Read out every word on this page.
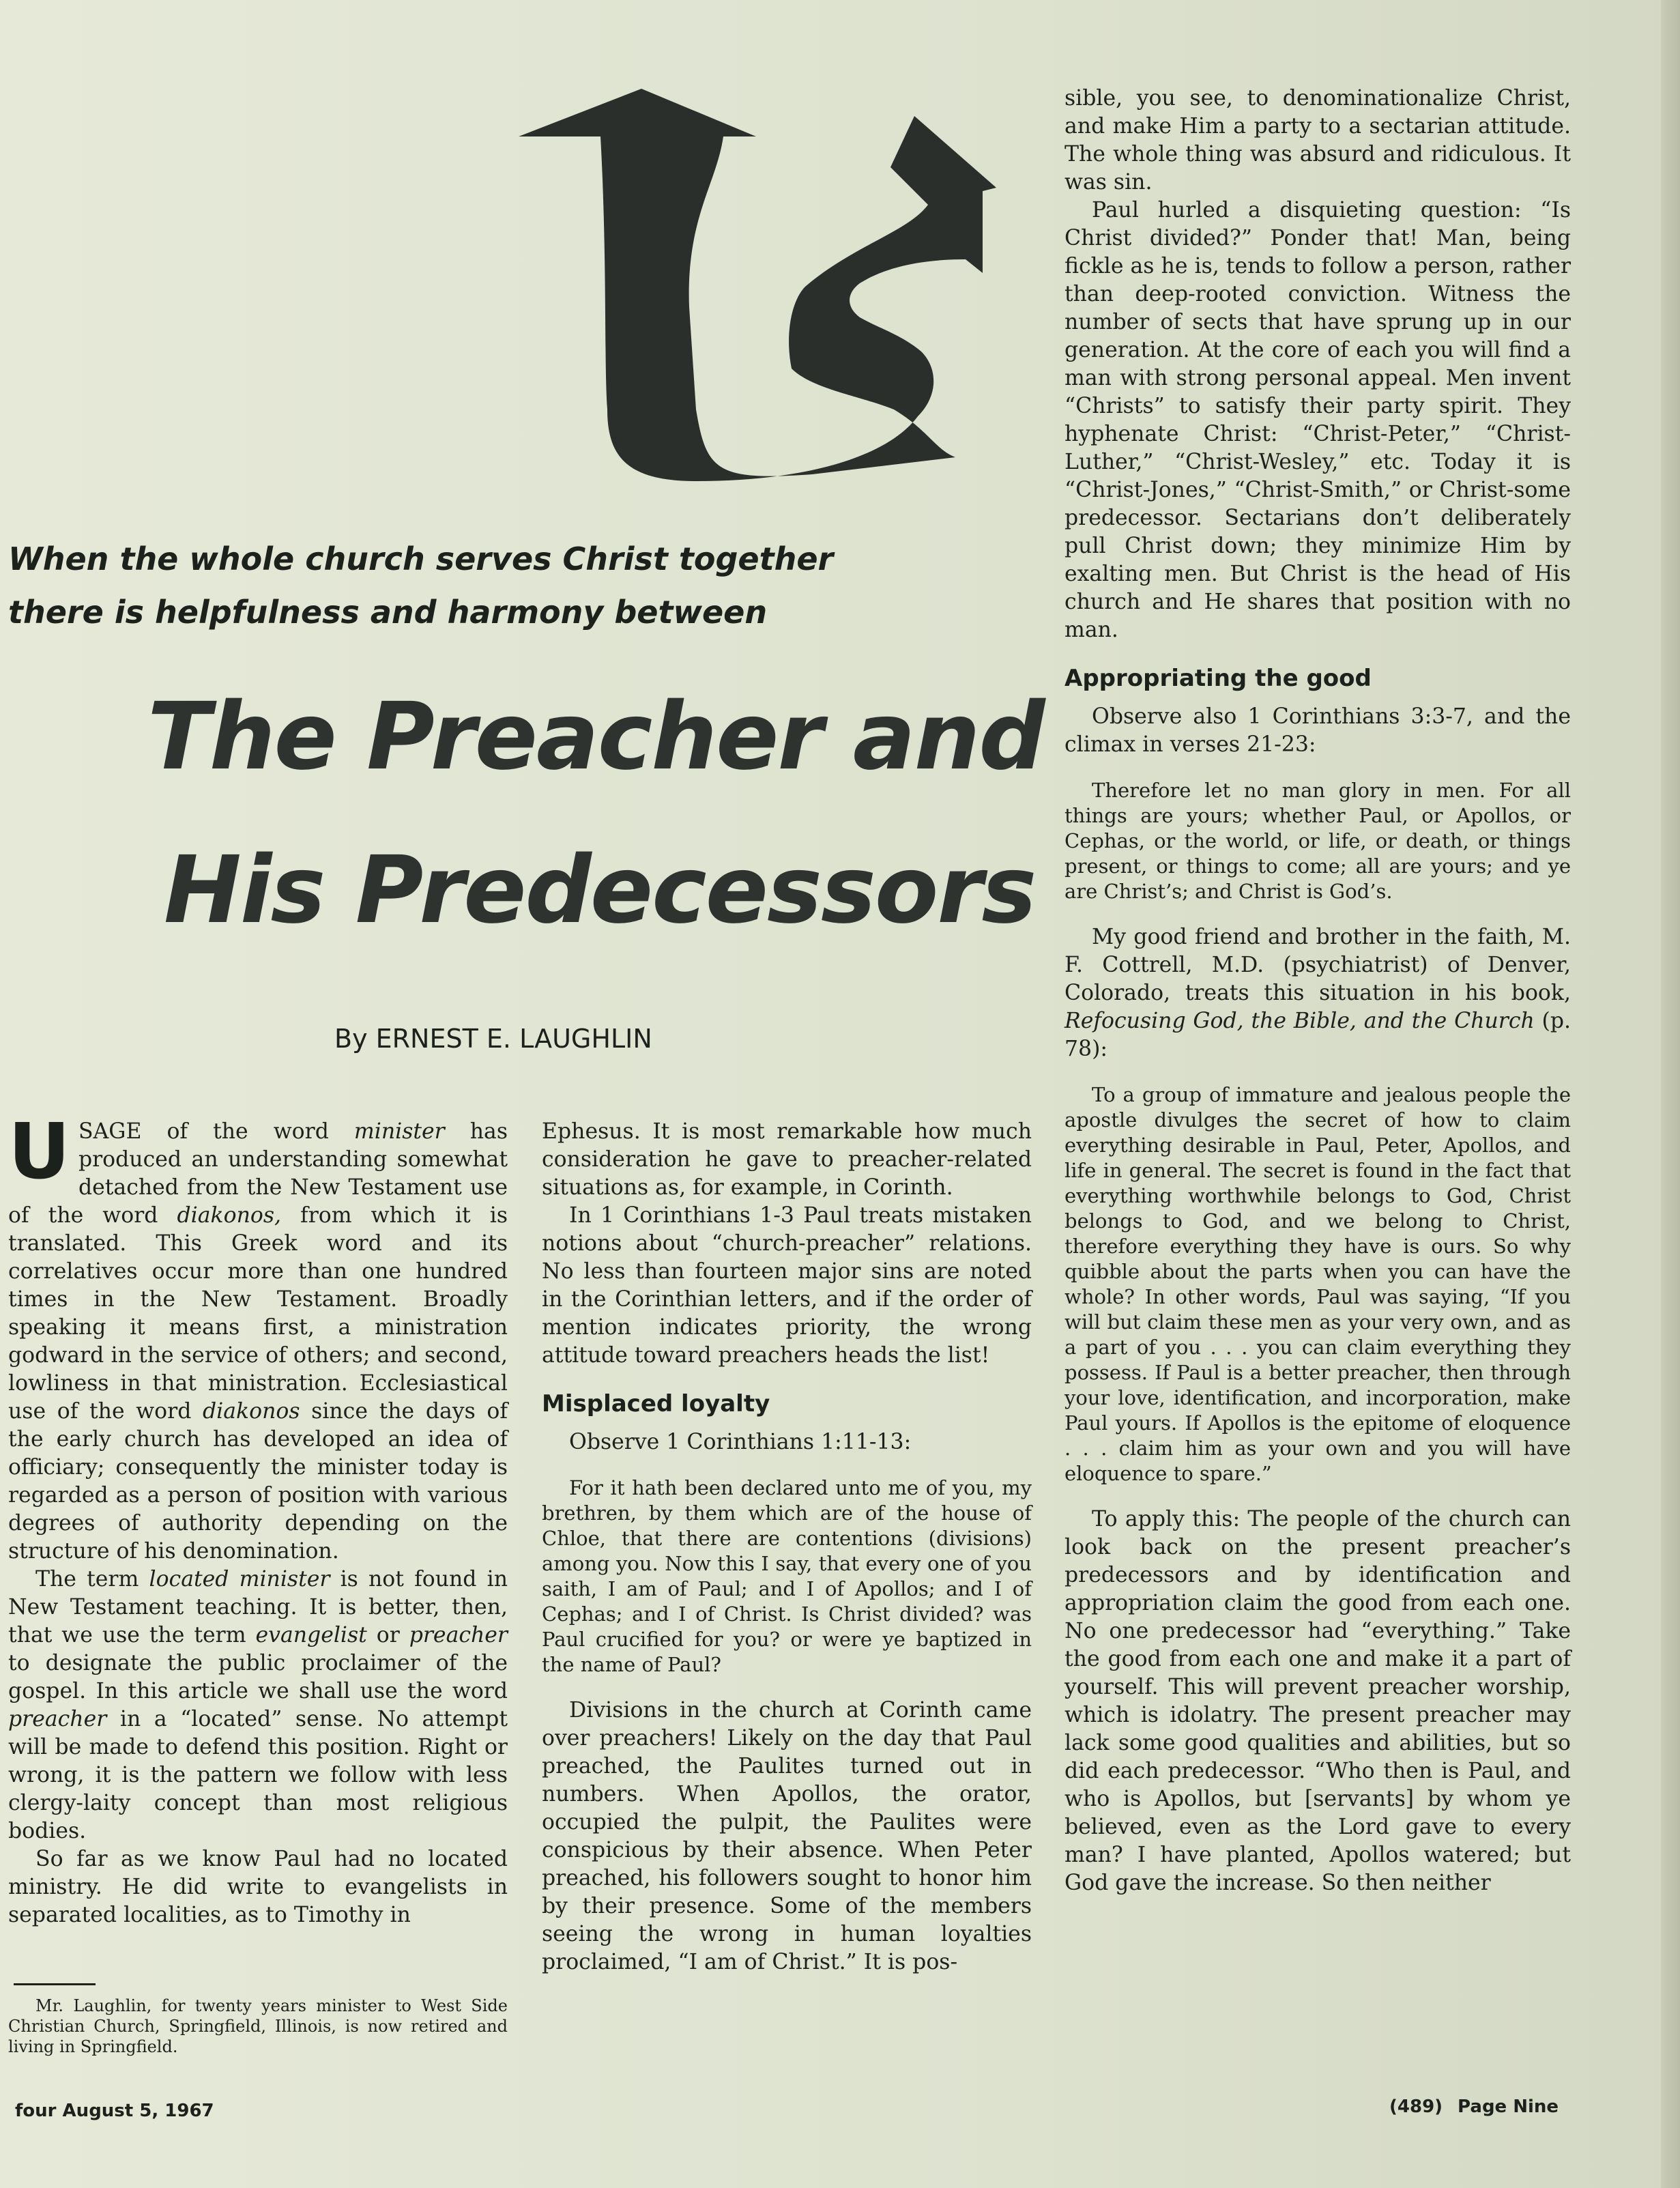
When the whole church serves Christ together
there is helpfulness and harmony between
The Preacher and
His Predecessors
By ERNEST E. LAUGHLIN

USAGE of the word minister has produced an understanding somewhat detached from the New Testament use of the word diakonos, from which it is translated. This Greek word and its correlatives occur more than one hundred times in the New Testament. Broadly speaking it means first, a ministration godward in the service of others; and second, lowliness in that ministration. Ecclesiastical use of the word diakonos since the days of the early church has developed an idea of officiary; consequently the minister today is regarded as a person of position with various degrees of authority depending on the structure of his denomination.

The term located minister is not found in New Testament teaching. It is better, then, that we use the term evangelist or preacher to designate the public proclaimer of the gospel. In this article we shall use the word preacher in a “located” sense. No attempt will be made to defend this position. Right or wrong, it is the pattern we follow with less clergy-laity concept than most religious bodies.

So far as we know Paul had no located ministry. He did write to evangelists in separated localities, as to Timothy in

Mr. Laughlin, for twenty years minister to West Side Christian Church, Springfield, Illinois, is now retired and living in Springfield.

Ephesus. It is most remarkable how much consideration he gave to preacher-related situations as, for example, in Corinth.

In 1 Corinthians 1-3 Paul treats mistaken notions about “church-preacher” relations. No less than fourteen major sins are noted in the Corinthian letters, and if the order of mention indicates priority, the wrong attitude toward preachers heads the list!

Misplaced loyalty

Observe 1 Corinthians 1:11-13:

For it hath been declared unto me of you, my brethren, by them which are of the house of Chloe, that there are contentions (divisions) among you. Now this I say, that every one of you saith, I am of Paul; and I of Apollos; and I of Cephas; and I of Christ. Is Christ divided? was Paul crucified for you? or were ye baptized in the name of Paul?

Divisions in the church at Corinth came over preachers! Likely on the day that Paul preached, the Paulites turned out in numbers. When Apollos, the orator, occupied the pulpit, the Paulites were conspicious by their absence. When Peter preached, his followers sought to honor him by their presence. Some of the members seeing the wrong in human loyalties proclaimed, “I am of Christ.” It is pos-

sible, you see, to denominationalize Christ, and make Him a party to a sectarian attitude. The whole thing was absurd and ridiculous. It was sin.

Paul hurled a disquieting question: “Is Christ divided?” Ponder that! Man, being fickle as he is, tends to follow a person, rather than deep-rooted conviction. Witness the number of sects that have sprung up in our generation. At the core of each you will find a man with strong personal appeal. Men invent “Christs” to satisfy their party spirit. They hyphenate Christ: “Christ-Peter,” “Christ-Luther,” “Christ-Wesley,” etc. Today it is “Christ-Jones,” “Christ-Smith,” or Christ-some predecessor. Sectarians don’t deliberately pull Christ down; they minimize Him by exalting men. But Christ is the head of His church and He shares that position with no man.

Appropriating the good

Observe also 1 Corinthians 3:3-7, and the climax in verses 21-23:

Therefore let no man glory in men. For all things are yours; whether Paul, or Apollos, or Cephas, or the world, or life, or death, or things present, or things to come; all are yours; and ye are Christ’s; and Christ is God’s.

My good friend and brother in the faith, M. F. Cottrell, M.D. (psychiatrist) of Denver, Colorado, treats this situation in his book, Refocusing God, the Bible, and the Church (p. 78):

To a group of immature and jealous people the apostle divulges the secret of how to claim everything desirable in Paul, Peter, Apollos, and life in general. The secret is found in the fact that everything worthwhile belongs to God, Christ belongs to God, and we belong to Christ, therefore everything they have is ours. So why quibble about the parts when you can have the whole? In other words, Paul was saying, “If you will but claim these men as your very own, and as a part of you . . . you can claim everything they possess. If Paul is a better preacher, then through your love, identification, and incorporation, make Paul yours. If Apollos is the epitome of eloquence . . . claim him as your own and you will have eloquence to spare.”

To apply this: The people of the church can look back on the present preacher’s predecessors and by identification and appropriation claim the good from each one. No one predecessor had “everything.” Take the good from each one and make it a part of yourself. This will prevent preacher worship, which is idolatry. The present preacher may lack some good qualities and abilities, but so did each predecessor. “Who then is Paul, and who is Apollos, but [servants] by whom ye believed, even as the Lord gave to every man? I have planted, Apollos watered; but God gave the increase. So then neither

four August 5, 1967	(489) Page Nine
